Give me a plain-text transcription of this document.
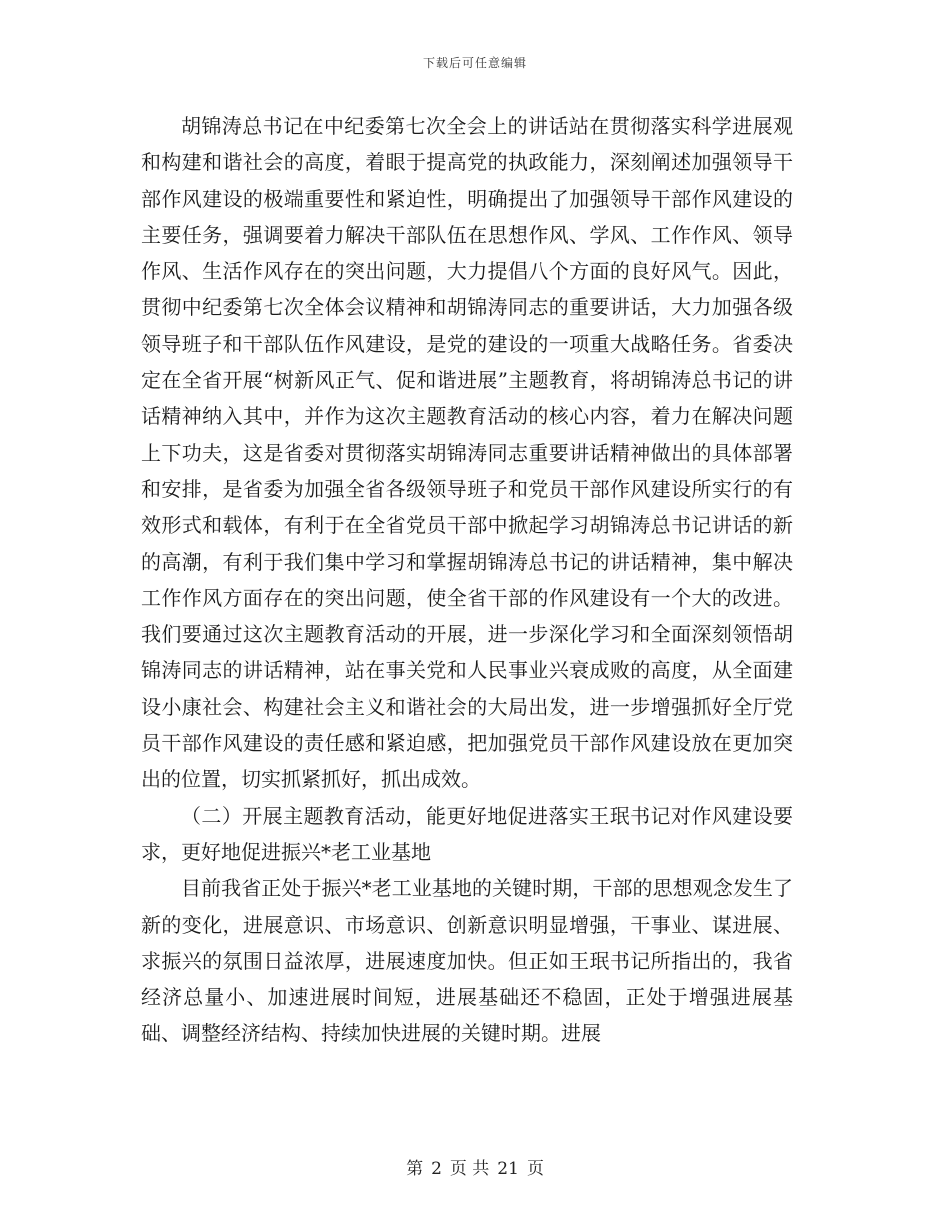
下载后可任意编辑

胡锦涛总书记在中纪委第七次全会上的讲话站在贯彻落实科学进展观和构建和谐社会的高度，着眼于提高党的执政能力，深刻阐述加强领导干部作风建设的极端重要性和紧迫性，明确提出了加强领导干部作风建设的主要任务，强调要着力解决干部队伍在思想作风、学风、工作作风、领导作风、生活作风存在的突出问题，大力提倡八个方面的良好风气。因此，贯彻中纪委第七次全体会议精神和胡锦涛同志的重要讲话，大力加强各级领导班子和干部队伍作风建设，是党的建设的一项重大战略任务。省委决定在全省开展“树新风正气、促和谐进展”主题教育，将胡锦涛总书记的讲话精神纳入其中，并作为这次主题教育活动的核心内容，着力在解决问题上下功夫，这是省委对贯彻落实胡锦涛同志重要讲话精神做出的具体部署和安排，是省委为加强全省各级领导班子和党员干部作风建设所实行的有效形式和载体，有利于在全省党员干部中掀起学习胡锦涛总书记讲话的新的高潮，有利于我们集中学习和掌握胡锦涛总书记的讲话精神，集中解决工作作风方面存在的突出问题，使全省干部的作风建设有一个大的改进。我们要通过这次主题教育活动的开展，进一步深化学习和全面深刻领悟胡锦涛同志的讲话精神，站在事关党和人民事业兴衰成败的高度，从全面建设小康社会、构建社会主义和谐社会的大局出发，进一步增强抓好全厅党员干部作风建设的责任感和紧迫感，把加强党员干部作风建设放在更加突出的位置，切实抓紧抓好，抓出成效。

（二）开展主题教育活动，能更好地促进落实王珉书记对作风建设要求，更好地促进振兴*老工业基地

目前我省正处于振兴*老工业基地的关键时期，干部的思想观念发生了新的变化，进展意识、市场意识、创新意识明显增强，干事业、谋进展、求振兴的氛围日益浓厚，进展速度加快。但正如王珉书记所指出的，我省经济总量小、加速进展时间短，进展基础还不稳固，正处于增强进展基础、调整经济结构、持续加快进展的关键时期。进展

第 2 页 共 21 页
